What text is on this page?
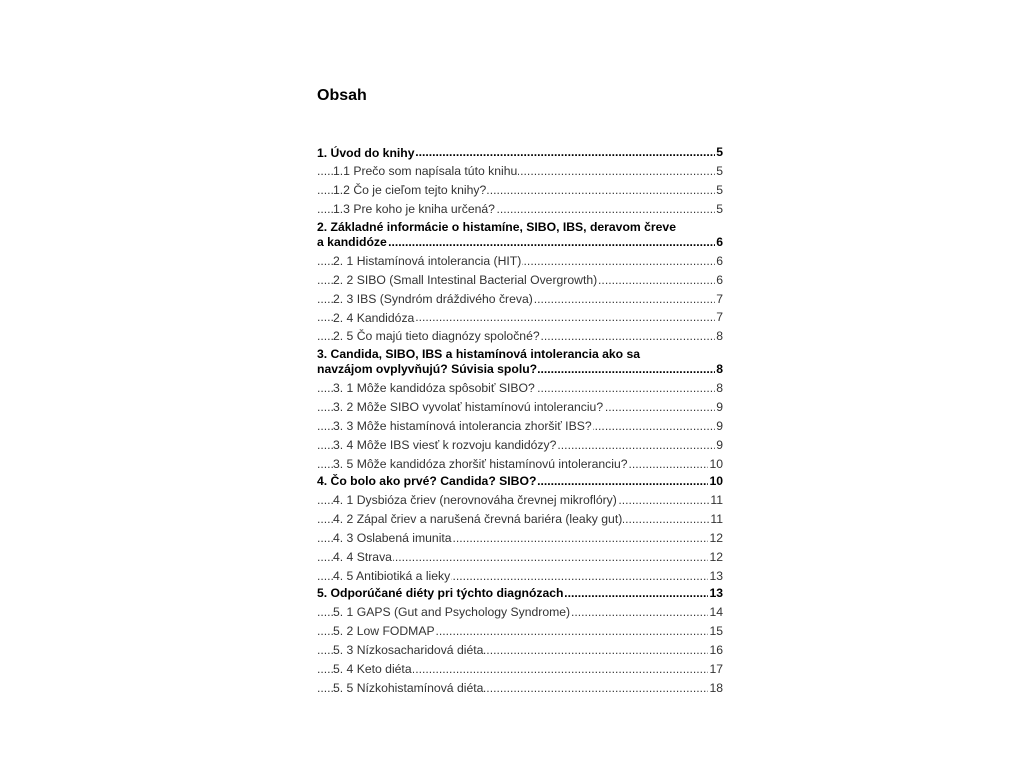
Obsah
.....
1. Úvod do knihy	5
.....
1.1 Prečo som napísala túto knihu	5
.....
1.2 Čo je cieľom tejto knihy?	5
.....
1.3 Pre koho je kniha určená?	5
2. Základné informácie o histamíne, SIBO, IBS, deravom čreve
.....
a kandidóze	6
.....
2. 1 Histamínová intolerancia (HIT)	6
.....
2. 2 SIBO (Small Intestinal Bacterial Overgrowth)	6
.....
2. 3 IBS (Syndróm dráždivého čreva)	7
.....
2. 4 Kandidóza	7
.....
2. 5 Čo majú tieto diagnózy spoločné?	8
3. Candida, SIBO, IBS a histamínová intolerancia ako sa
.....
navzájom ovplyvňujú? Súvisia spolu?	8
.....
3. 1 Môže kandidóza spôsobiť SIBO?	8
.....
3. 2 Môže SIBO vyvolať histamínovú intoleranciu?	9
.....
3. 3 Môže histamínová intolerancia zhoršiť IBS?	9
.....
3. 4 Môže IBS viesť k rozvoju kandidózy?	9
.....
3. 5 Môže kandidóza zhoršiť histamínovú intoleranciu?	10
.....
4. Čo bolo ako prvé? Candida? SIBO?	10
.....
4. 1 Dysbióza čriev (nerovnováha črevnej mikroflóry)	11
.....
4. 2 Zápal čriev a narušená črevná bariéra (leaky gut)	11
.....
4. 3 Oslabená imunita	12
.....
4. 4 Strava	12
.....
4. 5 Antibiotiká a lieky	13
.....
5. Odporúčané diéty pri týchto diagnózach	13
.....
5. 1 GAPS (Gut and Psychology Syndrome)	14
.....
5. 2 Low FODMAP	15
.....
5. 3 Nízkosacharidová diéta	16
.....
5. 4 Keto diéta	17
.....
5. 5 Nízkohistamínová diéta	18
